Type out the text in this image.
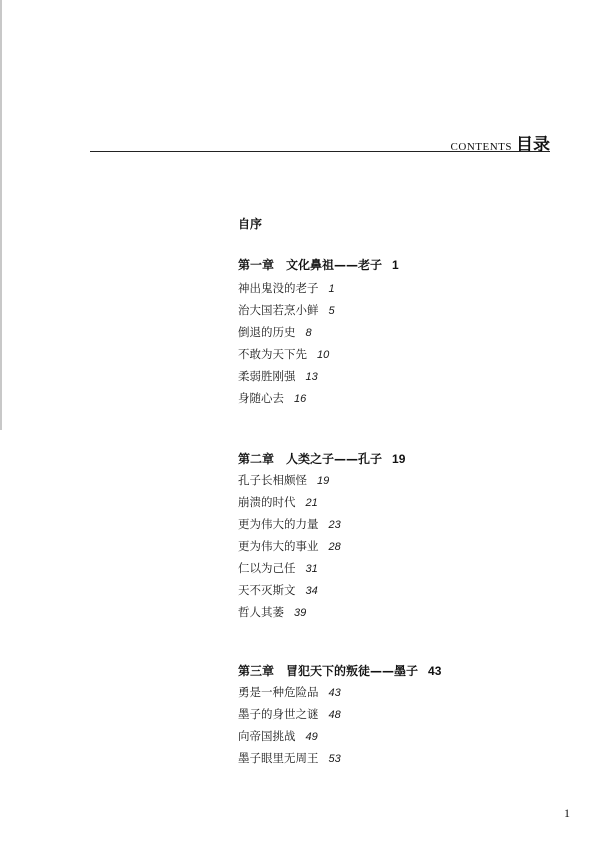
CONTENTS 目录
自序
第一章 文化鼻祖——老子 1
神出鬼没的老子 1
治大国若烹小鲜 5
倒退的历史 8
不敢为天下先 10
柔弱胜刚强 13
身随心去 16
第二章 人类之子——孔子 19
孔子长相颇怪 19
崩溃的时代 21
更为伟大的力量 23
更为伟大的事业 28
仁以为己任 31
天不灭斯文 34
哲人其萎 39
第三章 冒犯天下的叛徒——墨子 43
勇是一种危险品 43
墨子的身世之谜 48
向帝国挑战 49
墨子眼里无周王 53
1
